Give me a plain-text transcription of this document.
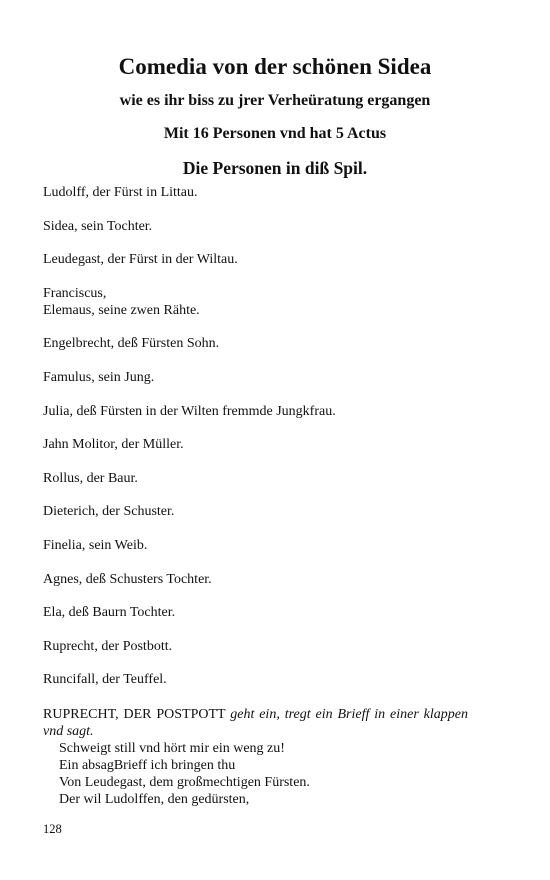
Comedia von der schönen Sidea
wie es ihr biss zu jrer Verheüratung ergangen
Mit 16 Personen vnd hat 5 Actus
Die Personen in diß Spil.
Ludolff, der Fürst in Littau.
Sidea, sein Tochter.
Leudegast, der Fürst in der Wiltau.
Franciscus,
Elemaus, seine zwen Rähte.
Engelbrecht, deß Fürsten Sohn.
Famulus, sein Jung.
Julia, deß Fürsten in der Wilten fremmde Jungkfrau.
Jahn Molitor, der Müller.
Rollus, der Baur.
Dieterich, der Schuster.
Finelia, sein Weib.
Agnes, deß Schusters Tochter.
Ela, deß Baurn Tochter.
Ruprecht, der Postbott.
Runcifall, der Teuffel.

RUPRECHT, DER POSTPOTT geht ein, tregt ein Brieff in einer klappen vnd sagt.

Schweigt still vnd hört mir ein weng zu!

Ein absagBrieff ich bringen thu

Von Leudegast, dem großmechtigen Fürsten.

Der wil Ludolffen, den gedürsten,

128
